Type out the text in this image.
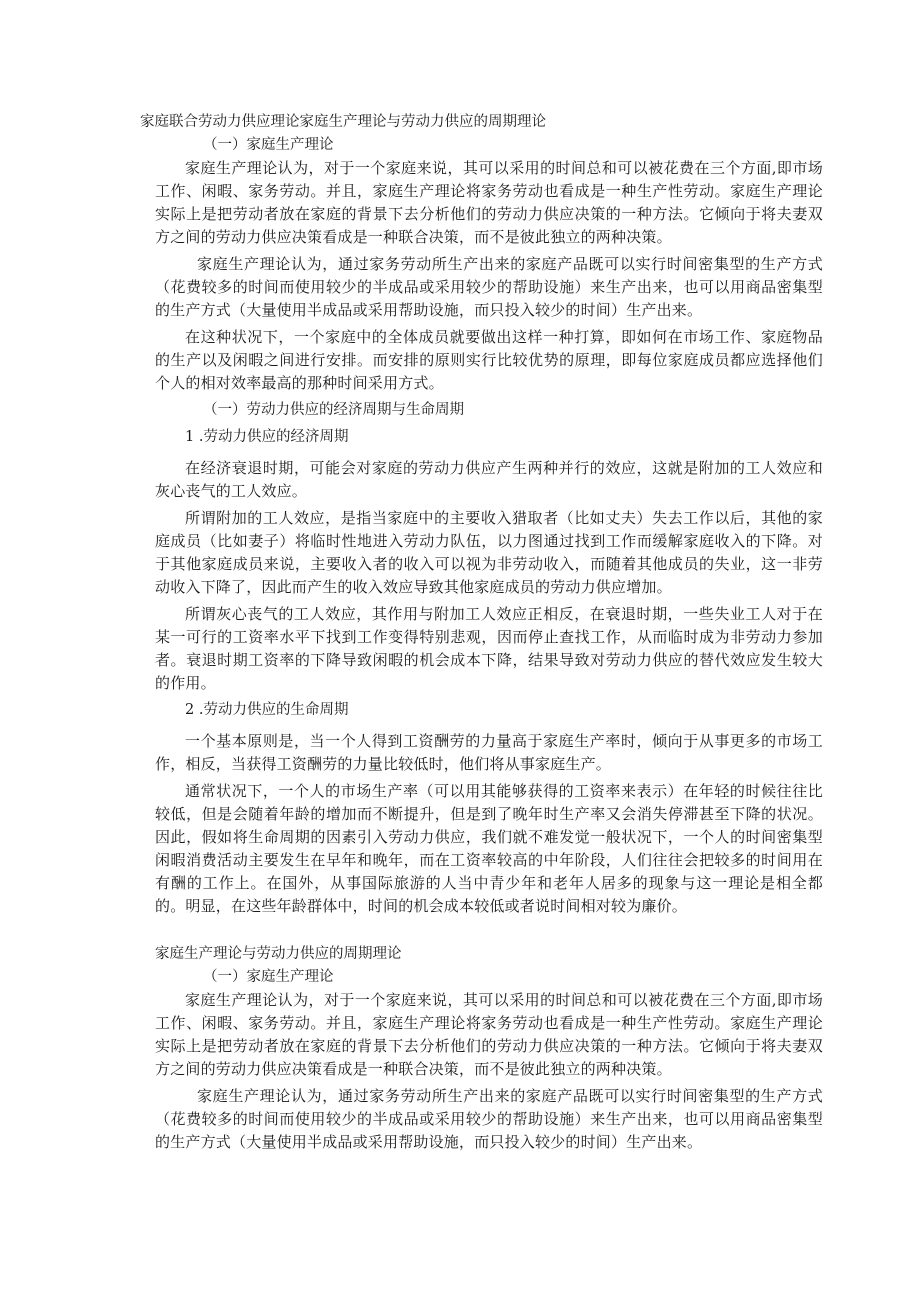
家庭联合劳动力供应理论家庭生产理论与劳动力供应的周期理论

（一）家庭生产理论

家庭生产理论认为，对于一个家庭来说，其可以采用的时间总和可以被花费在三个方面,即市场工作、闲暇、家务劳动。并且，家庭生产理论将家务劳动也看成是一种生产性劳动。家庭生产理论实际上是把劳动者放在家庭的背景下去分析他们的劳动力供应决策的一种方法。它倾向于将夫妻双方之间的劳动力供应决策看成是一种联合决策，而不是彼此独立的两种决策。

家庭生产理论认为，通过家务劳动所生产出来的家庭产品既可以实行时间密集型的生产方式（花费较多的时间而使用较少的半成品或采用较少的帮助设施）来生产出来，也可以用商品密集型的生产方式（大量使用半成品或采用帮助设施，而只投入较少的时间）生产出来。

在这种状况下，一个家庭中的全体成员就要做出这样一种打算，即如何在市场工作、家庭物品的生产以及闲暇之间进行安排。而安排的原则实行比较优势的原理，即每位家庭成员都应选择他们个人的相对效率最高的那种时间采用方式。

（一）劳动力供应的经济周期与生命周期

1 .劳动力供应的经济周期

在经济衰退时期，可能会对家庭的劳动力供应产生两种并行的效应，这就是附加的工人效应和灰心丧气的工人效应。

所谓附加的工人效应，是指当家庭中的主要收入猎取者（比如丈夫）失去工作以后，其他的家庭成员（比如妻子）将临时性地进入劳动力队伍，以力图通过找到工作而缓解家庭收入的下降。对于其他家庭成员来说，主要收入者的收入可以视为非劳动收入，而随着其他成员的失业，这一非劳动收入下降了，因此而产生的收入效应导致其他家庭成员的劳动力供应增加。

所谓灰心丧气的工人效应，其作用与附加工人效应正相反，在衰退时期，一些失业工人对于在某一可行的工资率水平下找到工作变得特别悲观，因而停止查找工作，从而临时成为非劳动力参加者。衰退时期工资率的下降导致闲暇的机会成本下降，结果导致对劳动力供应的替代效应发生较大的作用。

2 .劳动力供应的生命周期

一个基本原则是，当一个人得到工资酬劳的力量高于家庭生产率时，倾向于从事更多的市场工作，相反，当获得工资酬劳的力量比较低时，他们将从事家庭生产。

通常状况下，一个人的市场生产率（可以用其能够获得的工资率来表示）在年轻的时候往往比较低，但是会随着年龄的增加而不断提升，但是到了晚年时生产率又会消失停滞甚至下降的状况。因此，假如将生命周期的因素引入劳动力供应，我们就不难发觉一般状况下，一个人的时间密集型闲暇消费活动主要发生在早年和晚年，而在工资率较高的中年阶段，人们往往会把较多的时间用在有酬的工作上。在国外，从事国际旅游的人当中青少年和老年人居多的现象与这一理论是相全都的。明显，在这些年龄群体中，时间的机会成本较低或者说时间相对较为廉价。

家庭生产理论与劳动力供应的周期理论

（一）家庭生产理论

家庭生产理论认为，对于一个家庭来说，其可以采用的时间总和可以被花费在三个方面,即市场工作、闲暇、家务劳动。并且，家庭生产理论将家务劳动也看成是一种生产性劳动。家庭生产理论实际上是把劳动者放在家庭的背景下去分析他们的劳动力供应决策的一种方法。它倾向于将夫妻双方之间的劳动力供应决策看成是一种联合决策，而不是彼此独立的两种决策。

家庭生产理论认为，通过家务劳动所生产出来的家庭产品既可以实行时间密集型的生产方式（花费较多的时间而使用较少的半成品或采用较少的帮助设施）来生产出来，也可以用商品密集型的生产方式（大量使用半成品或采用帮助设施，而只投入较少的时间）生产出来。
